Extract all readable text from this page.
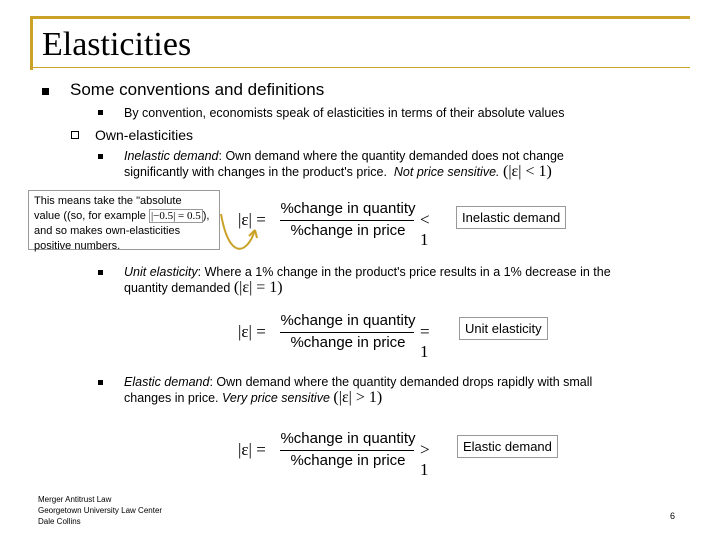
Elasticities
Some conventions and definitions
By convention, economists speak of elasticities in terms of their absolute values
Own-elasticities
Inelastic demand: Own demand where the quantity demanded does not change
significantly with changes in the product's price. Not price sensitive. (|ε| < 1)
This means take the "absolute
value ((so, for example |−0.5| = 0.5 ),
and so makes own-elasticities
positive numbers.
|ε| =
%change in quantity
%change in price
< 1
Inelastic demand
Unit elasticity: Where a 1% change in the product's price results in a 1% decrease in the
quantity demanded (|ε| = 1)
|ε| =
%change in quantity
%change in price
= 1
Unit elasticity
Elastic demand: Own demand where the quantity demanded drops rapidly with small
changes in price. Very price sensitive (|ε| > 1)
|ε| =
%change in quantity
%change in price
> 1
Elastic demand
Merger Antitrust Law
Georgetown University Law Center
Dale Collins
6
